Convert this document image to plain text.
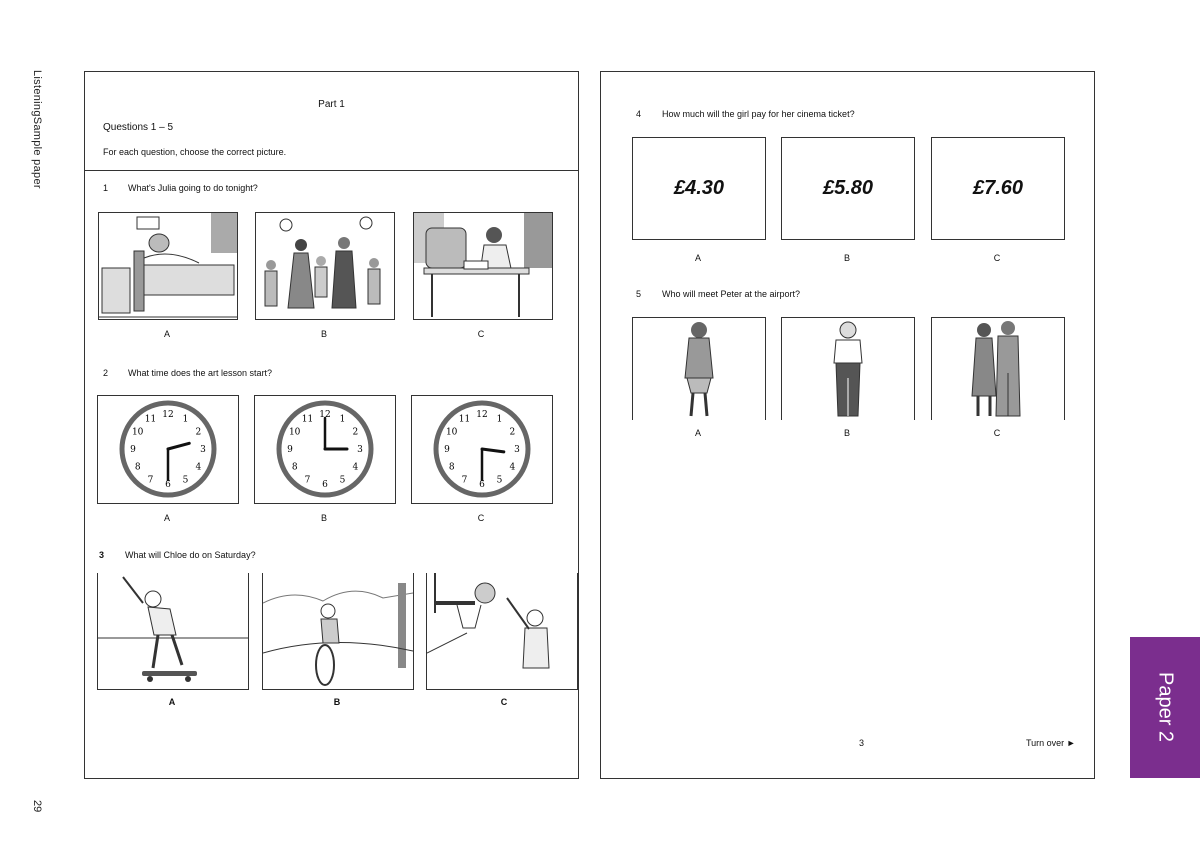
ListeningSample paper
29
Part 1
Questions 1 – 5
For each question, choose the correct picture.
1 What's Julia going to do tonight?
A	B	C
2 What time does the art lesson start?
12 1
2
3
4
5
6
7
8
9
10
11	12 1
2
3
4
5
6
7
8
9
10
11	12 1
2
3
4
5
6
7
8
9
10
11
A	B	C
3 What will Chloe do on Saturday?
A	B	C
4 How much will the girl pay for her cinema ticket?
£4.30	£5.80	£7.60
A	B	C
5 Who will meet Peter at the airport?
A	B	C
3	Turn over ►
Paper 2
